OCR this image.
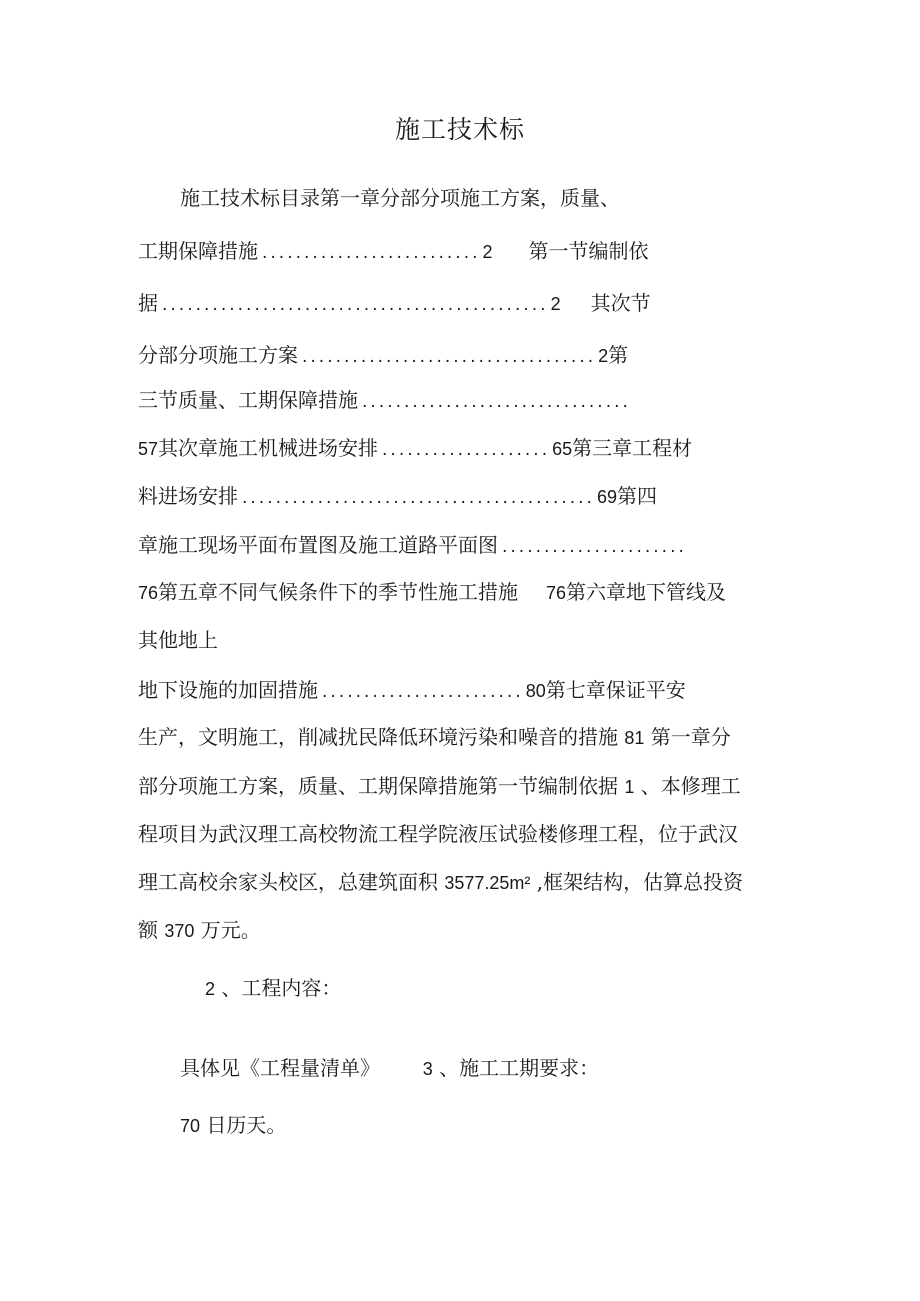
施工技术标
施工技术标目录第一章分部分项施工方案，质量、
工期保障措施 .......................... 2 第一节编制依
据 .............................................. 2 其次节
分部分项施工方案 ................................... 2 第
三节质量、工期保障措施 ................................
57 其次章施工机械进场安排 .................... 65 第三章工程材
料进场安排 .......................................... 69 第四
章施工现场平面布置图及施工道路平面图 ......................
76 第五章不同气候条件下的季节性施工措施 76 第六章地下管线及
其他地上
地下设施的加固措施 ........................ 80 第七章保证平安
生产，文明施工，削减扰民降低环境污染和噪音的措施 81 第一章分
部分项施工方案，质量、工期保障措施第一节编制依据 1 、本修理工
程项目为武汉理工高校物流工程学院液压试验楼修理工程，位于武汉
理工高校余家头校区，总建筑面积 3577.25m² ,框架结构，估算总投资
额 370 万元。
2 、工程内容：
具体见《工程量清单》 3 、施工工期要求：
70 日历天。
